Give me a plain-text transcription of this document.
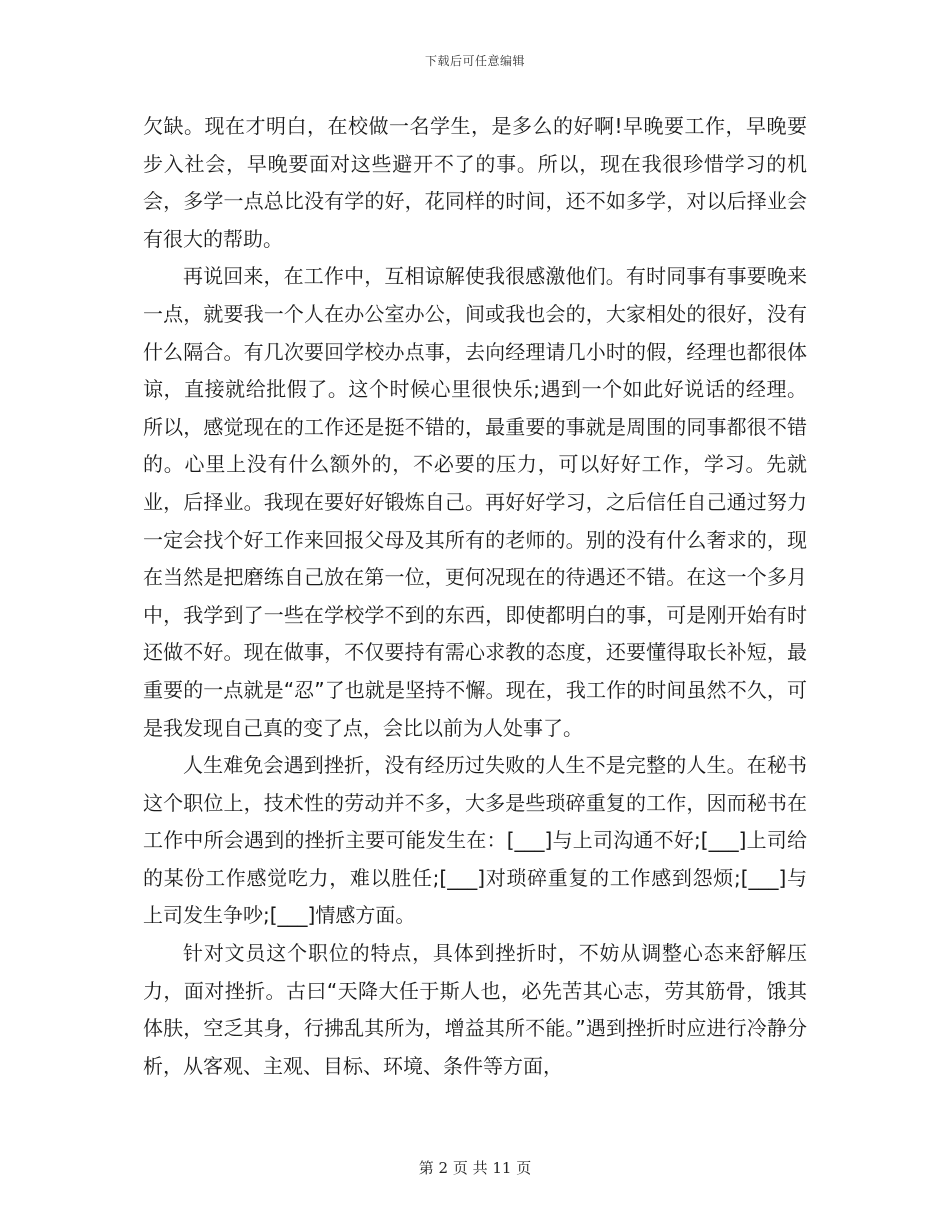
下载后可任意编辑

欠缺。现在才明白，在校做一名学生，是多么的好啊!早晚要工作，早晚要步入社会，早晚要面对这些避开不了的事。所以，现在我很珍惜学习的机会，多学一点总比没有学的好，花同样的时间，还不如多学，对以后择业会有很大的帮助。

再说回来，在工作中，互相谅解使我很感激他们。有时同事有事要晚来一点，就要我一个人在办公室办公，间或我也会的，大家相处的很好，没有什么隔合。有几次要回学校办点事，去向经理请几小时的假，经理也都很体谅，直接就给批假了。这个时候心里很快乐;遇到一个如此好说话的经理。所以，感觉现在的工作还是挺不错的，最重要的事就是周围的同事都很不错的。心里上没有什么额外的，不必要的压力，可以好好工作，学习。先就业，后择业。我现在要好好锻炼自己。再好好学习，之后信任自己通过努力一定会找个好工作来回报父母及其所有的老师的。别的没有什么奢求的，现在当然是把磨练自己放在第一位，更何况现在的待遇还不错。在这一个多月中，我学到了一些在学校学不到的东西，即使都明白的事，可是刚开始有时还做不好。现在做事，不仅要持有需心求教的态度，还要懂得取长补短，最重要的一点就是“忍”了也就是坚持不懈。现在，我工作的时间虽然不久，可是我发现自己真的变了点，会比以前为人处事了。

人生难免会遇到挫折，没有经历过失败的人生不是完整的人生。在秘书这个职位上，技术性的劳动并不多，大多是些琐碎重复的工作，因而秘书在工作中所会遇到的挫折主要可能发生在：[___]与上司沟通不好;[___]上司给的某份工作感觉吃力，难以胜任;[___]对琐碎重复的工作感到怨烦;[___]与上司发生争吵;[___]情感方面。

针对文员这个职位的特点，具体到挫折时，不妨从调整心态来舒解压力，面对挫折。古曰“天降大任于斯人也，必先苦其心志，劳其筋骨，饿其体肤，空乏其身，行拂乱其所为，增益其所不能。”遇到挫折时应进行冷静分析，从客观、主观、目标、环境、条件等方面，

第 2 页 共 11 页
